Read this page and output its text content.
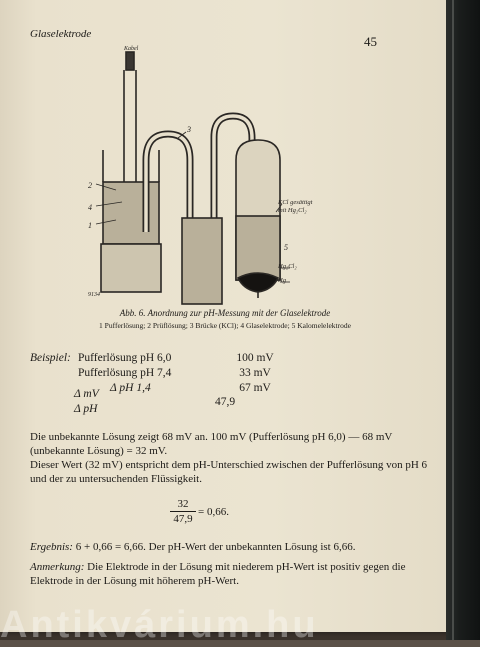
Glaselektrode	45
2
4
1
3
5
KCl gesättigt
mit Hg₂Cl₂
Hg₂Cl₂
Hg
9134
Kabel
Abb. 6. Anordnung zur pH-Messung mit der Glaselektrode
1 Pufferlösung; 2 Prüflösung; 3 Brücke (KCl); 4 Glaselektrode; 5 Kalomelelektrode
Beispiel: Pufferlösung pH 6,0	100 mV
Pufferlösung pH 7,4	33 mV
Δ pH 1,4	67 mV
Δ mV
Δ pH
47,9
Die unbekannte Lösung zeigt 68 mV an. 100 mV (Pufferlösung pH 6,0) — 68 mV (unbekannte Lösung) = 32 mV.
Dieser Wert (32 mV) entspricht dem pH-Unterschied zwischen der Pufferlösung von pH 6 und der zu untersuchenden Flüssigkeit.
$\frac{32}{47,9} = 0,66$.
Ergebnis: 6 + 0,66 = 6,66. Der pH-Wert der unbekannten Lösung ist 6,66.
Anmerkung: Die Elektrode in der Lösung mit niederem pH-Wert ist positiv gegen die Elektrode in der Lösung mit höherem pH-Wert.
Antikvárium.hu
